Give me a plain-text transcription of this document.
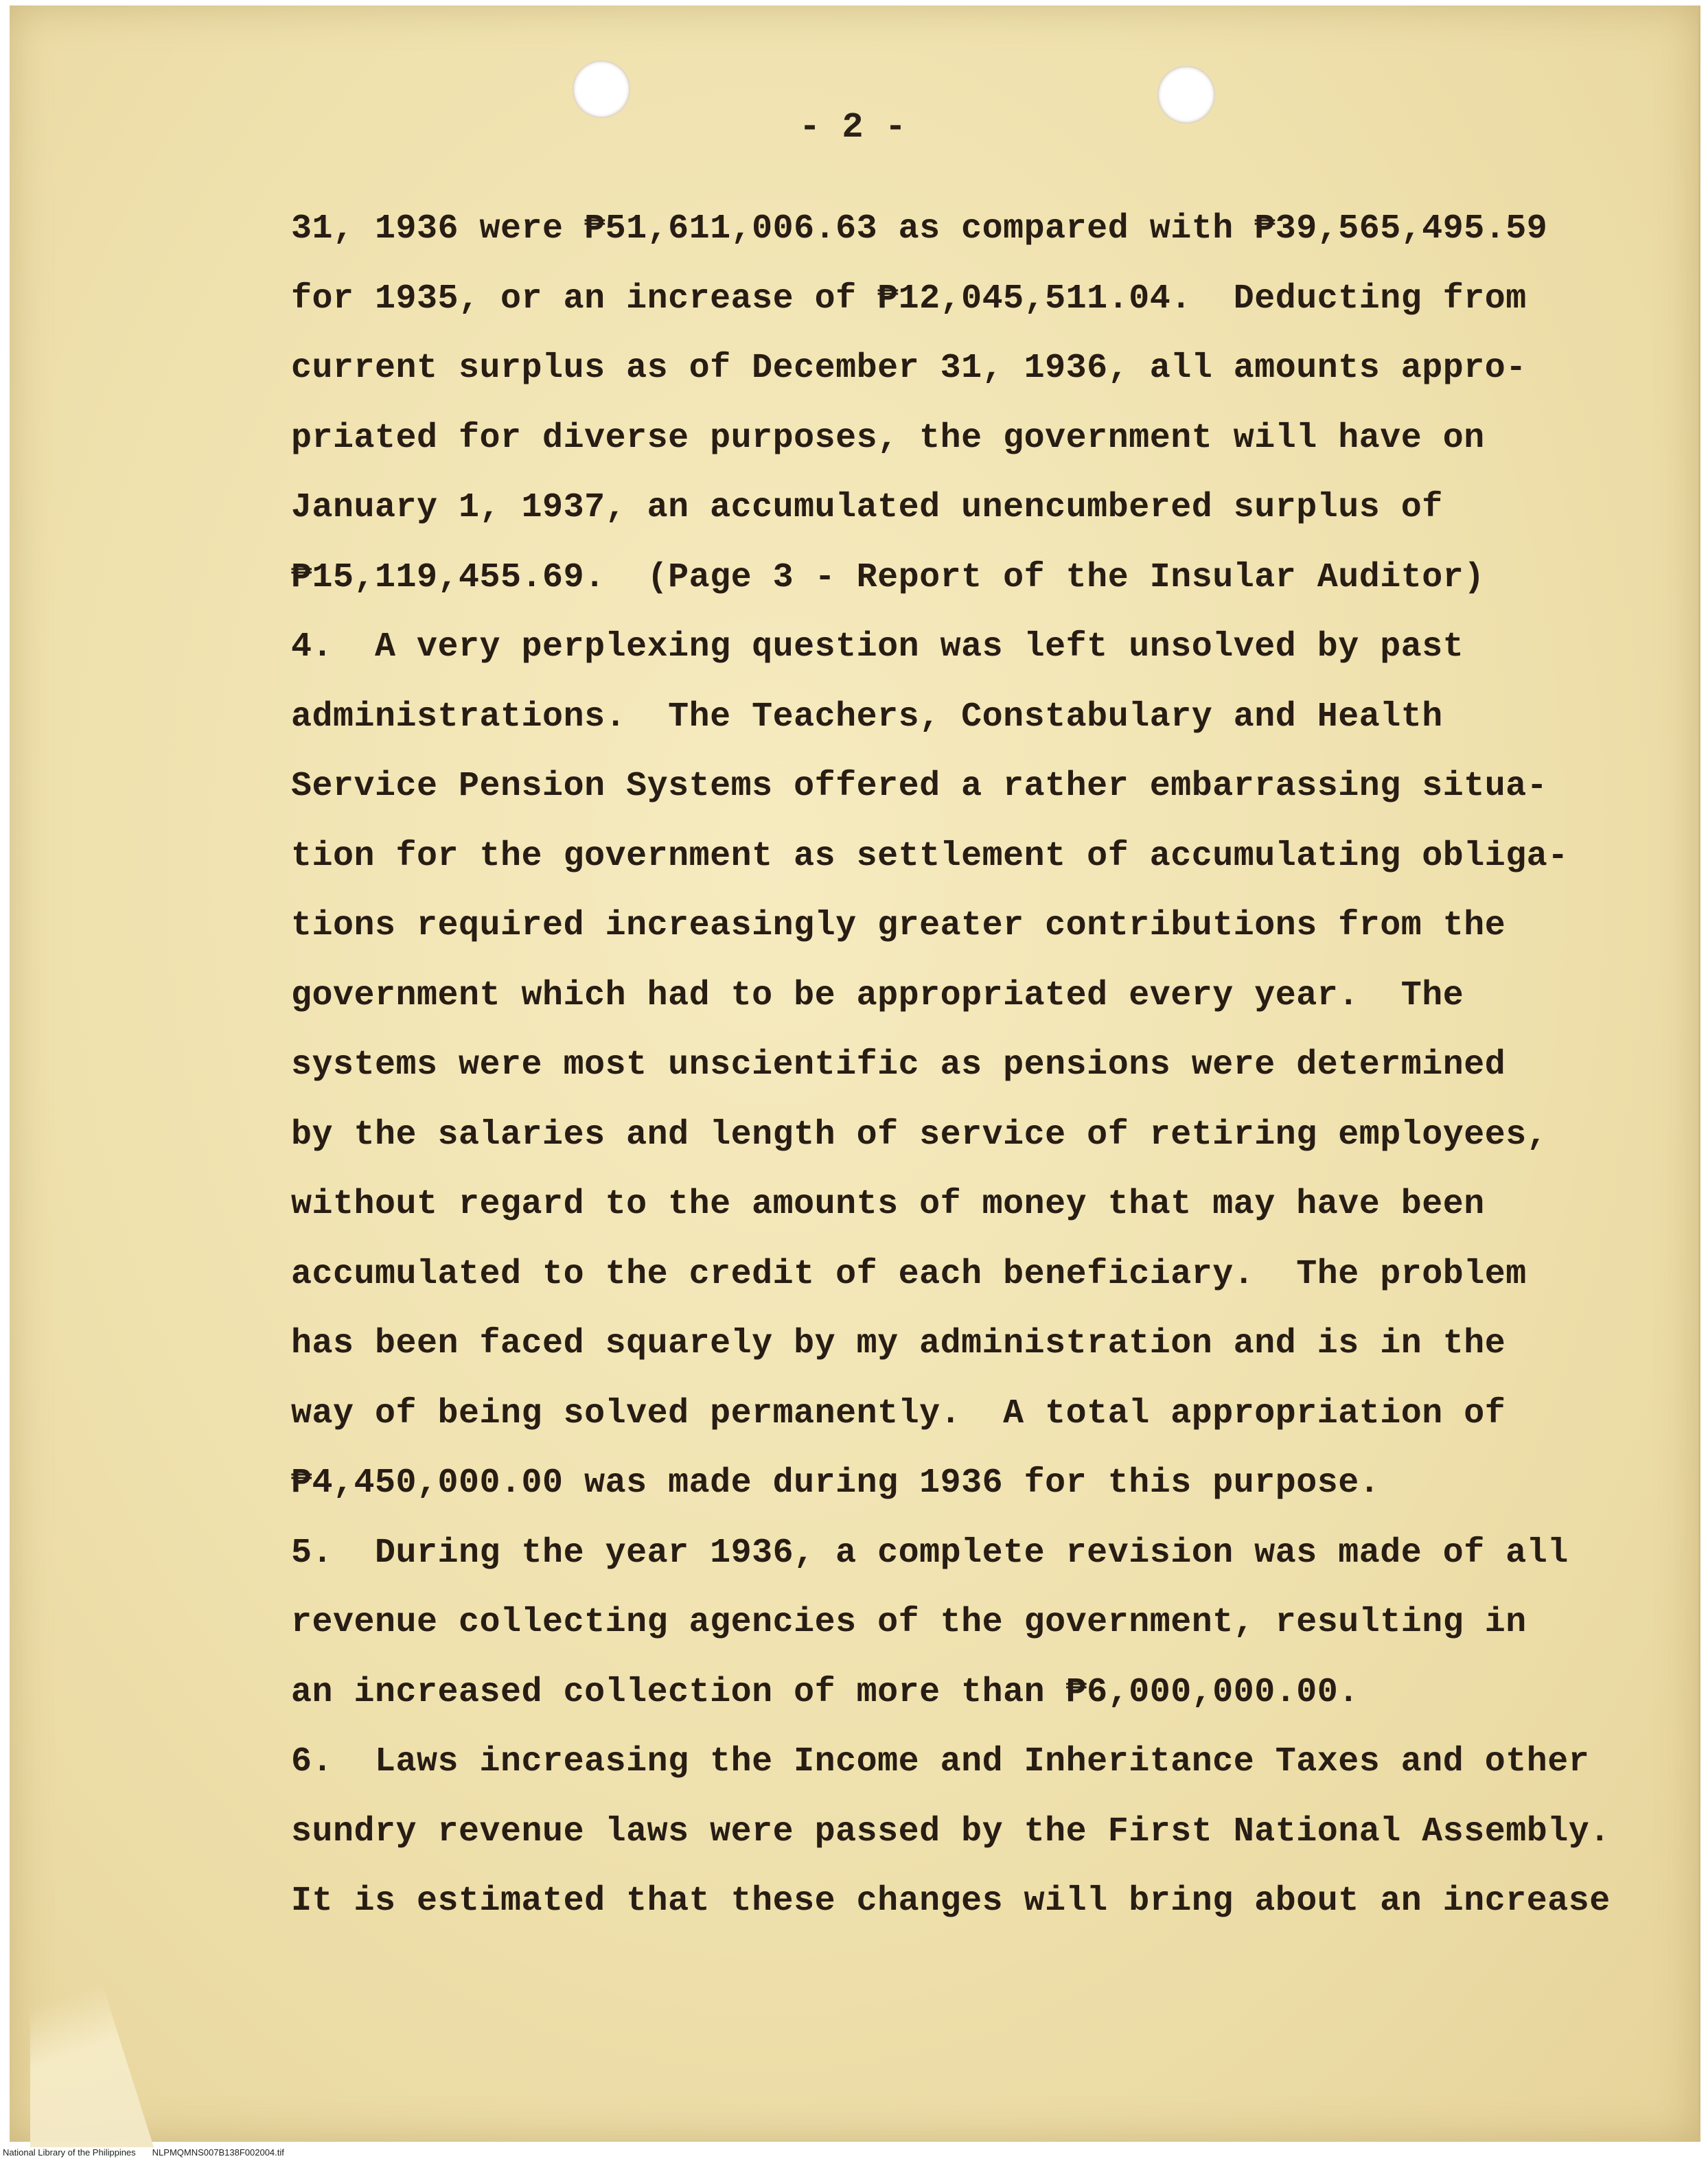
- 2 -
31, 1936 were ₱51,611,006.63 as compared with ₱39,565,495.59
for 1935, or an increase of ₱12,045,511.04.  Deducting from
current surplus as of December 31, 1936, all amounts appro-
priated for diverse purposes, the government will have on
January 1, 1937, an accumulated unencumbered surplus of
₱15,119,455.69.  (Page 3 - Report of the Insular Auditor)
4.  A very perplexing question was left unsolved by past
administrations.  The Teachers, Constabulary and Health
Service Pension Systems offered a rather embarrassing situa-
tion for the government as settlement of accumulating obliga-
tions required increasingly greater contributions from the
government which had to be appropriated every year.  The
systems were most unscientific as pensions were determined
by the salaries and length of service of retiring employees,
without regard to the amounts of money that may have been
accumulated to the credit of each beneficiary.  The problem
has been faced squarely by my administration and is in the
way of being solved permanently.  A total appropriation of
₱4,450,000.00 was made during 1936 for this purpose.
5.  During the year 1936, a complete revision was made of all
revenue collecting agencies of the government, resulting in
an increased collection of more than ₱6,000,000.00.
6.  Laws increasing the Income and Inheritance Taxes and other
sundry revenue laws were passed by the First National Assembly.
It is estimated that these changes will bring about an increase
National Library of the Philippines NLPMQMNS007B138F002004.tif
